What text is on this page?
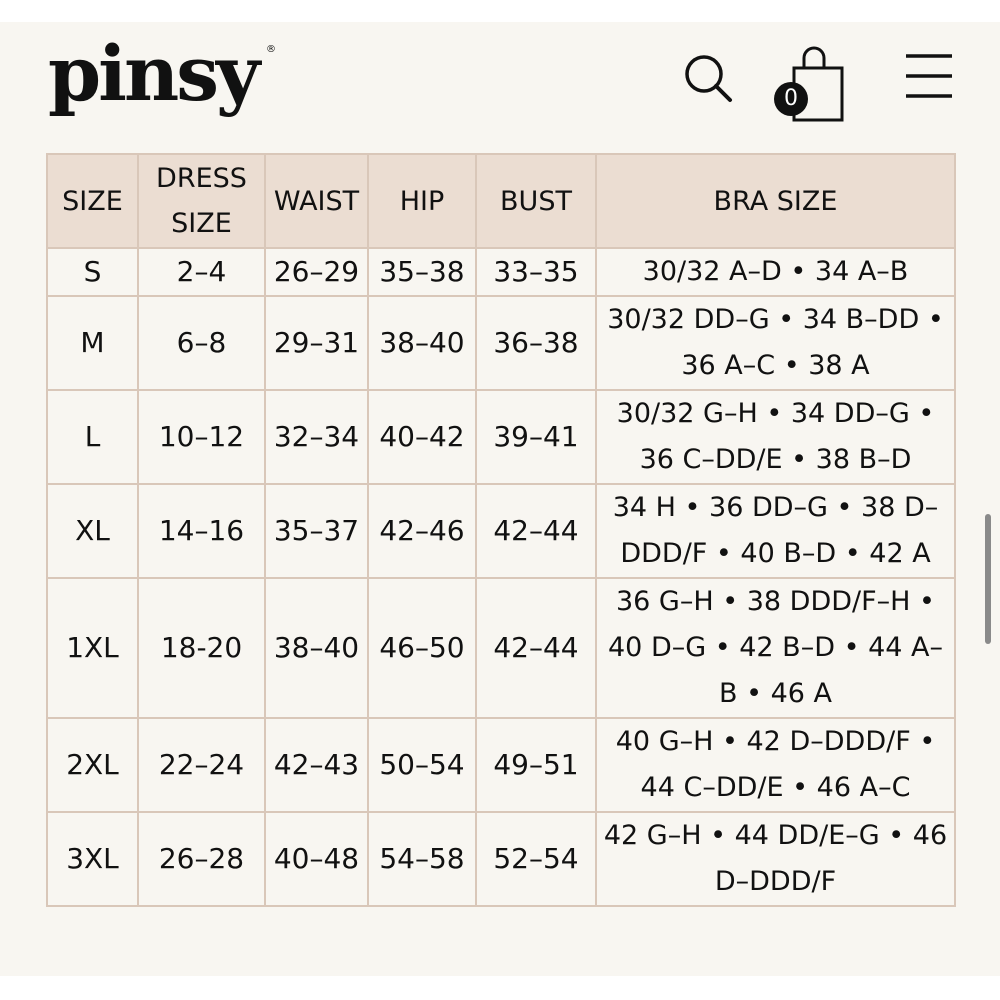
pinsy ®
0
SIZE	DRESS SIZE	WAIST	HIP	BUST	BRA SIZE
S	2–4	26–29	35–38	33–35	30/32 A–D • 34 A–B
M	6–8	29–31	38–40	36–38	30/32 DD–G • 34 B–DD • 36 A–C • 38 A
L	10–12	32–34	40–42	39–41	30/32 G–H • 34 DD–G • 36 C–DD/E • 38 B–D
XL	14–16	35–37	42–46	42–44	34 H • 36 DD–G • 38 D–DDD/F • 40 B–D • 42 A
1XL	18-20	38–40	46–50	42–44	36 G–H • 38 DDD/F–H • 40 D–G • 42 B–D • 44 A–B • 46 A
2XL	22–24	42–43	50–54	49–51	40 G–H • 42 D–DDD/F • 44 C–DD/E • 46 A–C
3XL	26–28	40–48	54–58	52–54	42 G–H • 44 DD/E–G • 46 D–DDD/F
